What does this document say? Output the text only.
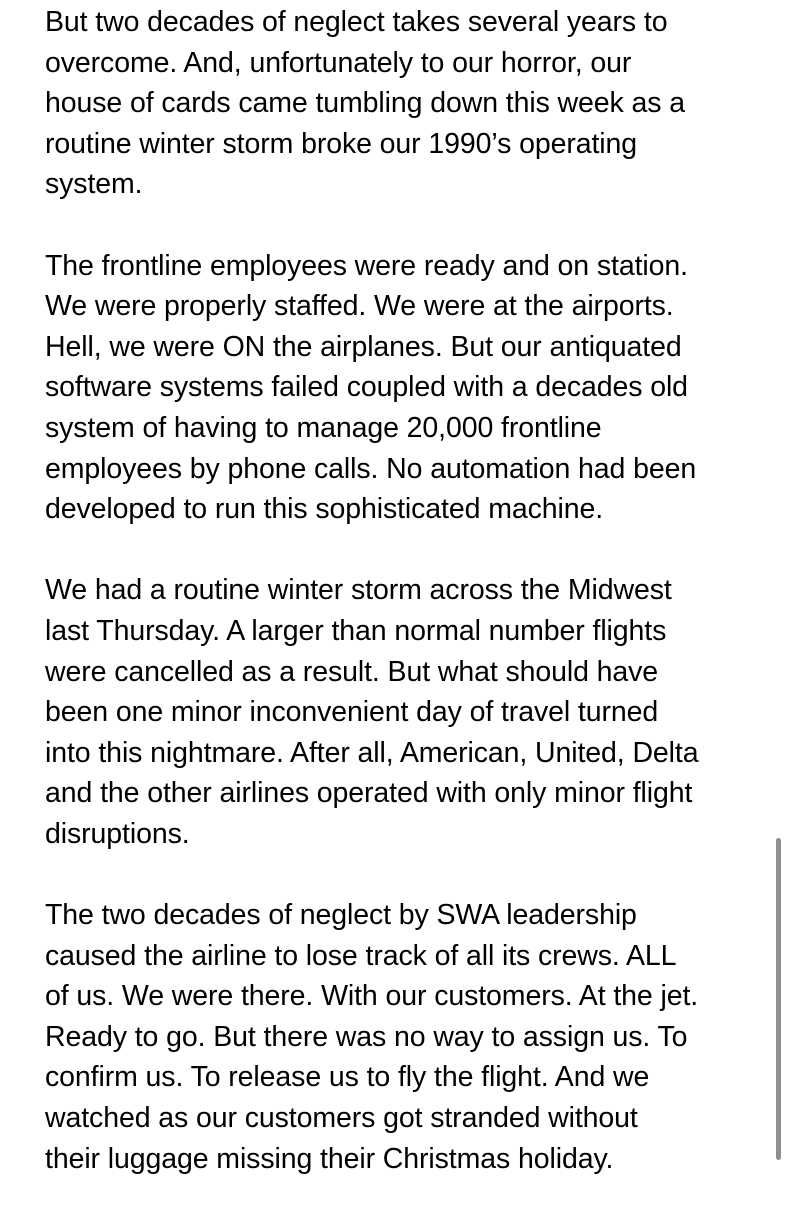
But two decades of neglect takes several years to
overcome. And, unfortunately to our horror, our
house of cards came tumbling down this week as a
routine winter storm broke our 1990’s operating
system.

The frontline employees were ready and on station.
We were properly staffed. We were at the airports.
Hell, we were ON the airplanes. But our antiquated
software systems failed coupled with a decades old
system of having to manage 20,000 frontline
employees by phone calls. No automation had been
developed to run this sophisticated machine.

We had a routine winter storm across the Midwest
last Thursday. A larger than normal number flights
were cancelled as a result. But what should have
been one minor inconvenient day of travel turned
into this nightmare. After all, American, United, Delta
and the other airlines operated with only minor flight
disruptions.

The two decades of neglect by SWA leadership
caused the airline to lose track of all its crews. ALL
of us. We were there. With our customers. At the jet.
Ready to go. But there was no way to assign us. To
confirm us. To release us to fly the flight. And we
watched as our customers got stranded without
their luggage missing their Christmas holiday.
